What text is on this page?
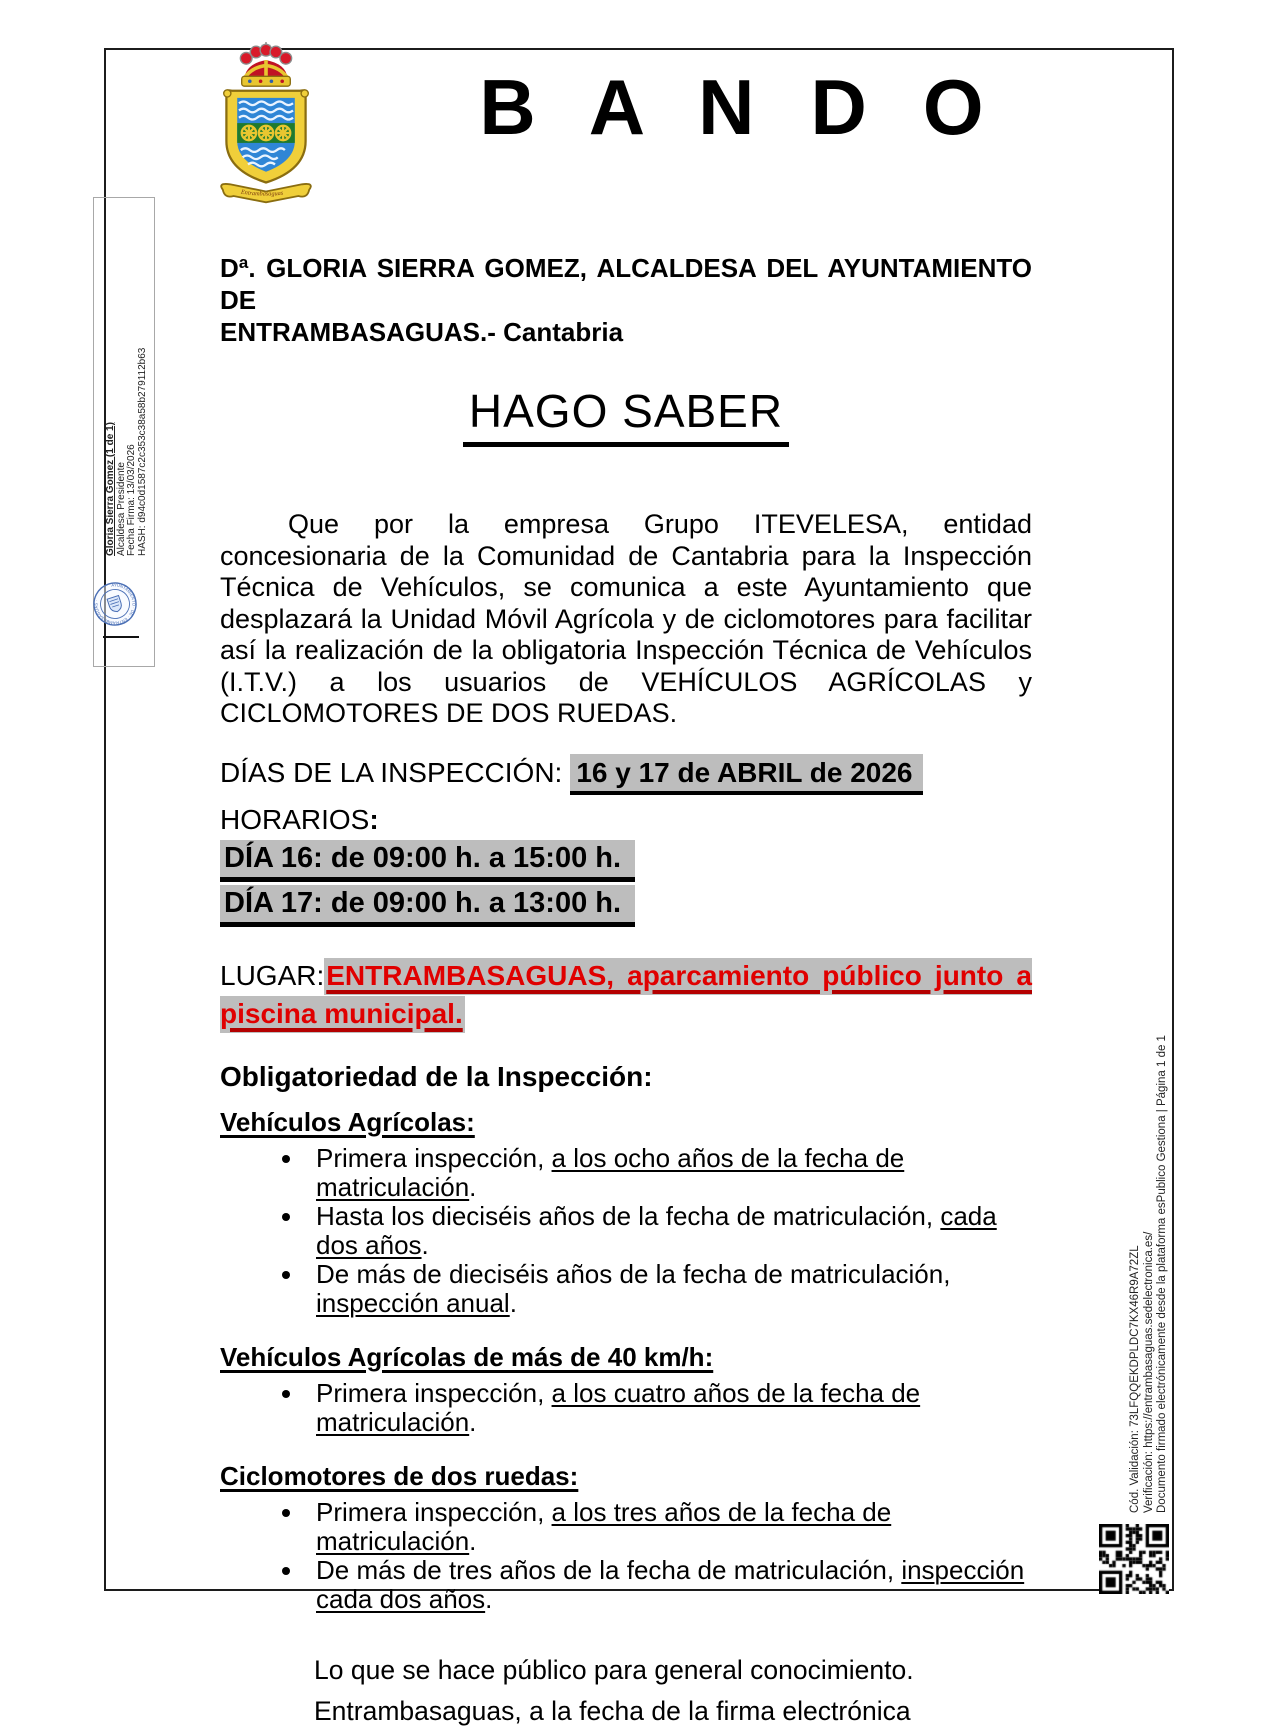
Entrambasaguas
B A N D O
Dª. GLORIA SIERRA GOMEZ, ALCALDESA DEL AYUNTAMIENTO DE
ENTRAMBASAGUAS.- Cantabria
HAGO SABER

Que por la empresa Grupo ITEVELESA, entidad concesionaria de la Comunidad de Cantabria para la Inspección Técnica de Vehículos, se comunica a este Ayuntamiento que desplazará la Unidad Móvil Agrícola y de ciclomotores para facilitar así la realización de la obligatoria Inspección Técnica de Vehículos (I.T.V.) a los usuarios de VEHÍCULOS AGRÍCOLAS y CICLOMOTORES DE DOS RUEDAS.

DÍAS DE LA INSPECCIÓN: 16 y 17 de ABRIL de 2026
HORARIOS:
DÍA 16: de 09:00 h. a 15:00 h.
DÍA 17: de 09:00 h. a 13:00 h.

LUGAR:ENTRAMBASAGUAS, aparcamiento público junto a piscina municipal.

Obligatoriedad de la Inspección:
Vehículos Agrícolas:
Primera inspección, a los ocho años de la fecha de matriculación.
Hasta los dieciséis años de la fecha de matriculación, cada dos años.
De más de dieciséis años de la fecha de matriculación, inspección anual.
Vehículos Agrícolas de más de 40 km/h:
Primera inspección, a los cuatro años de la fecha de matriculación.
Ciclomotores de dos ruedas:
Primera inspección, a los tres años de la fecha de matriculación.
De más de tres años de la fecha de matriculación, inspección cada dos años.

Lo que se hace público para general conocimiento.

Entrambasaguas, a la fecha de la firma electrónica

Gloria Sierra Gomez (1 de 1) Alcaldesa Presidente Fecha Firma: 13/03/2026 HASH: d94c0d1587c2c353c38a58b279112b63
AYUNTAMIENTO · DE · ENTRAMBASAGUAS ·
Cód. Validación: 73LFQQEKDPLDC7KX46R9A72ZL Verificación: https://entrambasaguas.sedelectronica.es/ Documento firmado electrónicamente desde la plataforma esPublico Gestiona | Página 1 de 1
